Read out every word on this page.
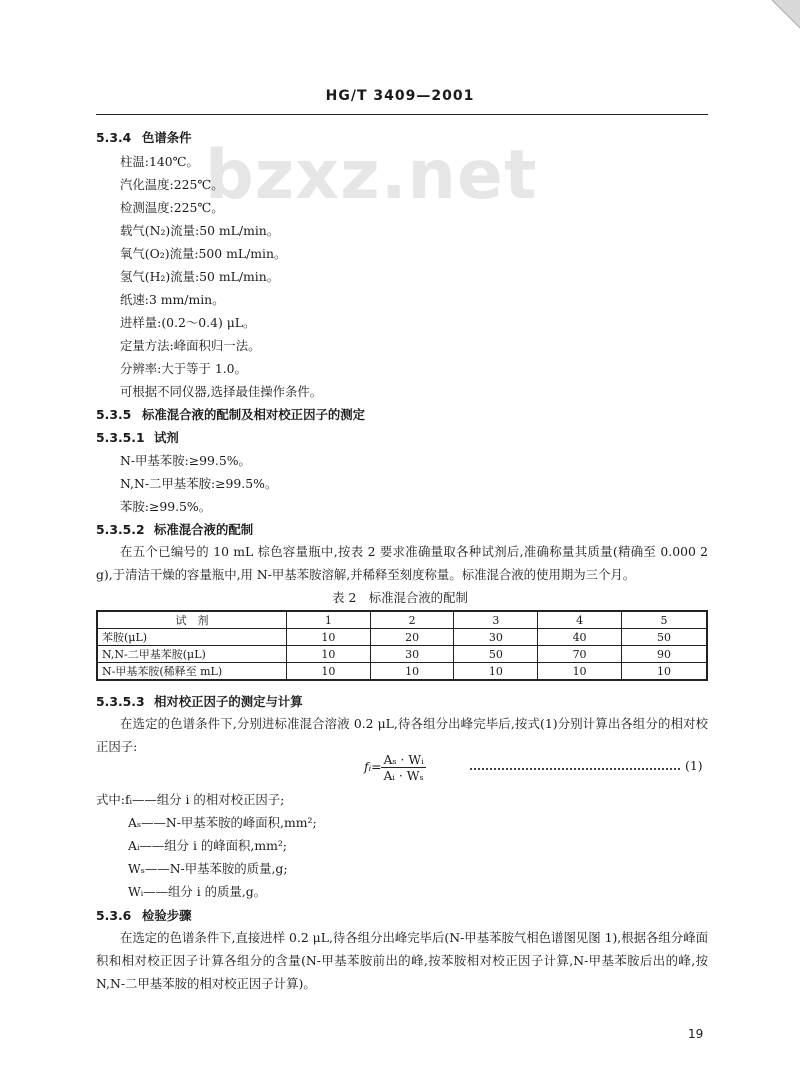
HG/T 3409—2001
bzxz.net
5.3.4 色谱条件
柱温:140℃。
汽化温度:225℃。
检测温度:225℃。
载气(N₂)流量:50 mL/min。
氧气(O₂)流量:500 mL/min。
氢气(H₂)流量:50 mL/min。
纸速:3 mm/min。
进样量:(0.2～0.4) μL。
定量方法:峰面积归一法。
分辨率:大于等于 1.0。
可根据不同仪器,选择最佳操作条件。
5.3.5 标准混合液的配制及相对校正因子的测定
5.3.5.1 试剂
N-甲基苯胺:≥99.5%。
N,N-二甲基苯胺:≥99.5%。
苯胺:≥99.5%。
5.3.5.2 标准混合液的配制
在五个已编号的 10 mL 棕色容量瓶中,按表 2 要求准确量取各种试剂后,准确称量其质量(精确至 0.000 2 g),于清洁干燥的容量瓶中,用 N-甲基苯胺溶解,并稀释至刻度称量。标准混合液的使用期为三个月。
表 2　标准混合液的配制
试　剂	1	2	3	4	5
苯胺(μL)	10	20	30	40	50
N,N-二甲基苯胺(μL)	10	30	50	70	90
N-甲基苯胺(稀释至 mL)	10	10	10	10	10
5.3.5.3 相对校正因子的测定与计算
在选定的色谱条件下,分别进标准混合溶液 0.2 μL,待各组分出峰完毕后,按式(1)分别计算出各组分的相对校正因子:
fᵢ= $\frac{\text{Aₛ · Wᵢ}}{\text{Aᵢ · Wₛ}}$	(1)
式中:fᵢ——组分 i 的相对校正因子;
Aₛ——N-甲基苯胺的峰面积,mm²;
Aᵢ——组分 i 的峰面积,mm²;
Wₛ——N-甲基苯胺的质量,g;
Wᵢ——组分 i 的质量,g。
5.3.6 检验步骤
在选定的色谱条件下,直接进样 0.2 μL,待各组分出峰完毕后(N-甲基苯胺气相色谱图见图 1),根据各组分峰面积和相对校正因子计算各组分的含量(N-甲基苯胺前出的峰,按苯胺相对校正因子计算,N-甲基苯胺后出的峰,按 N,N-二甲基苯胺的相对校正因子计算)。
19
